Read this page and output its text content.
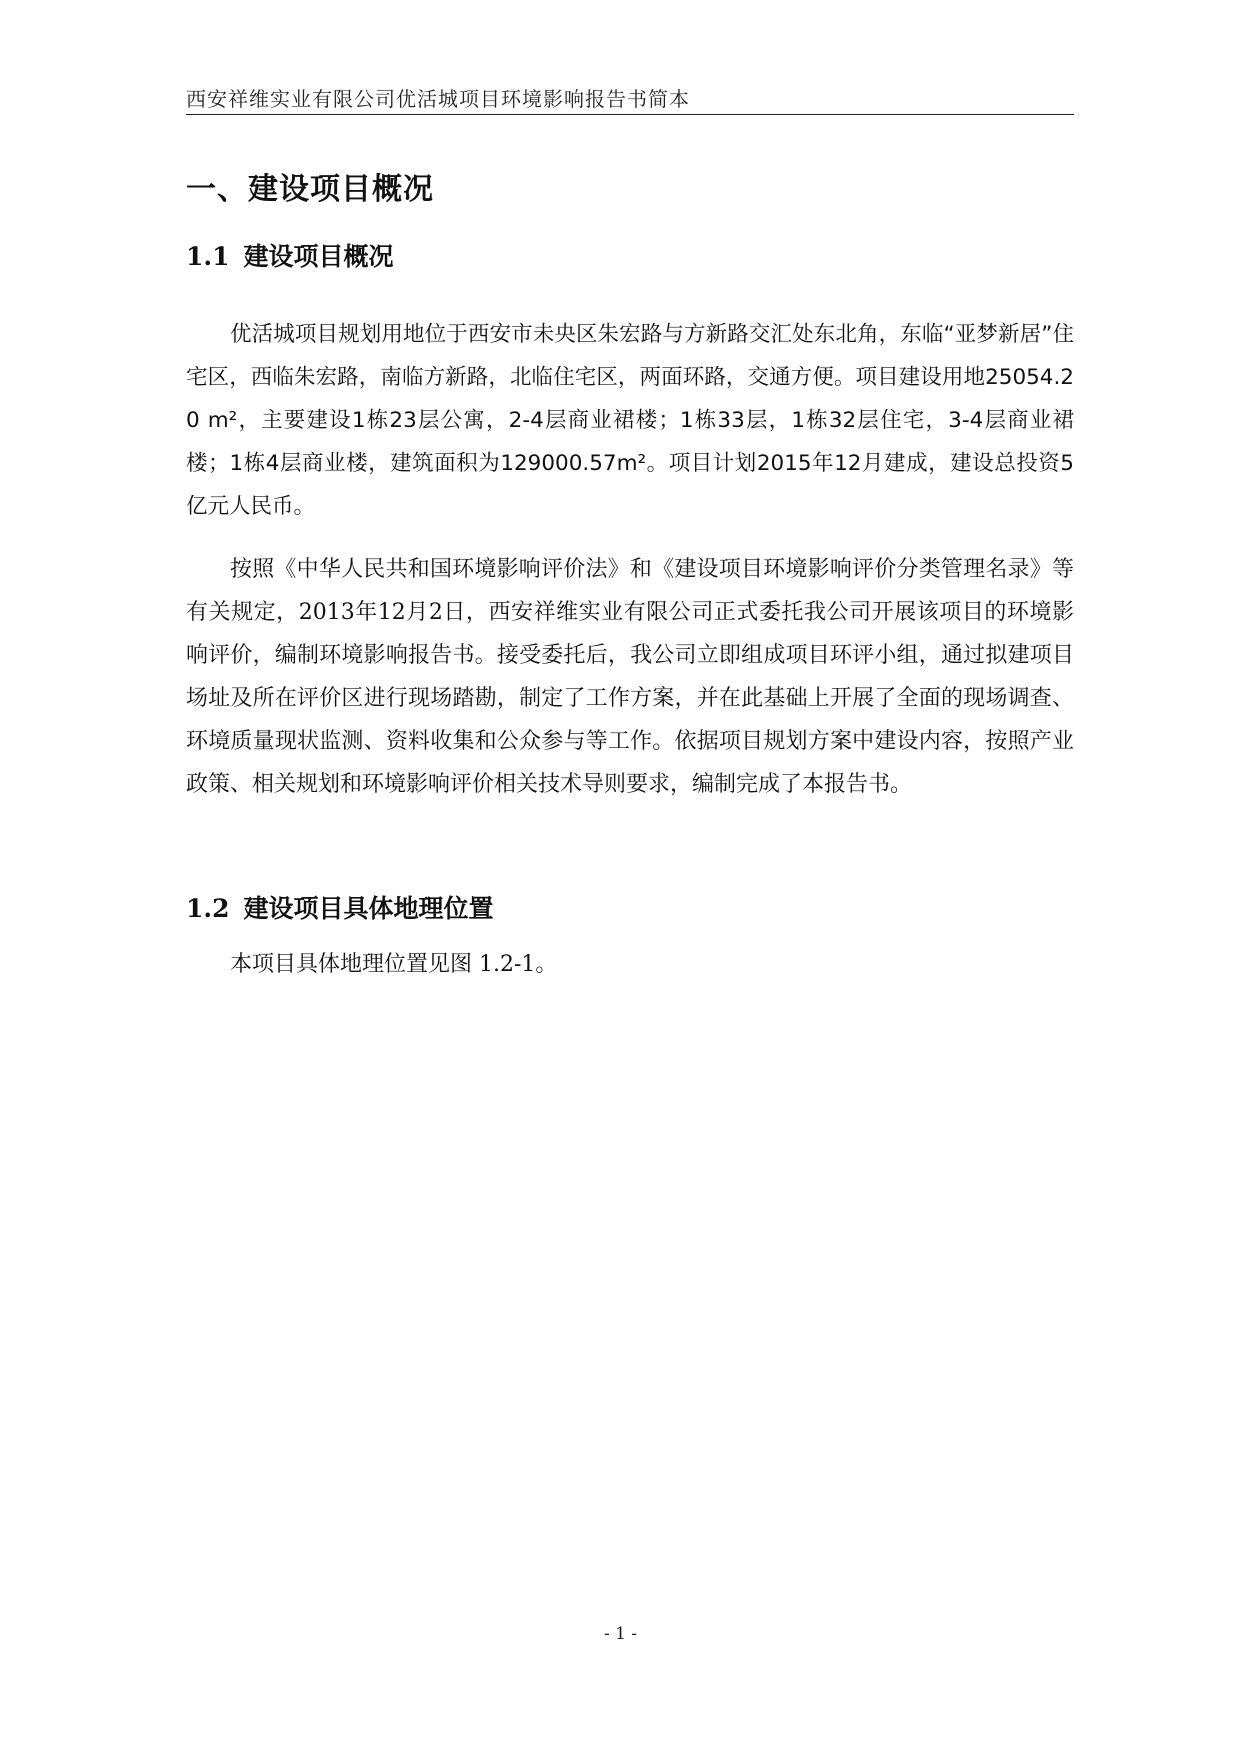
西安祥维实业有限公司优活城项目环境影响报告书简本
一、建设项目概况
1.1 建设项目概况

优活城项目规划用地位于西安市未央区朱宏路与方新路交汇处东北角，东临“亚梦新居”住宅区，西临朱宏路，南临方新路，北临住宅区，两面环路，交通方便。项目建设用地25054.20 m²，主要建设1栋23层公寓，2-4层商业裙楼；1栋33层，1栋32层住宅，3-4层商业裙楼；1栋4层商业楼，建筑面积为129000.57m²。项目计划2015年12月建成，建设总投资5亿元人民币。

按照《中华人民共和国环境影响评价法》和《建设项目环境影响评价分类管理名录》等有关规定，2013年12月2日，西安祥维实业有限公司正式委托我公司开展该项目的环境影响评价，编制环境影响报告书。接受委托后，我公司立即组成项目环评小组，通过拟建项目场址及所在评价区进行现场踏勘，制定了工作方案，并在此基础上开展了全面的现场调查、环境质量现状监测、资料收集和公众参与等工作。依据项目规划方案中建设内容，按照产业政策、相关规划和环境影响评价相关技术导则要求，编制完成了本报告书。

1.2 建设项目具体地理位置

本项目具体地理位置见图 1.2-1。

- 1 -
